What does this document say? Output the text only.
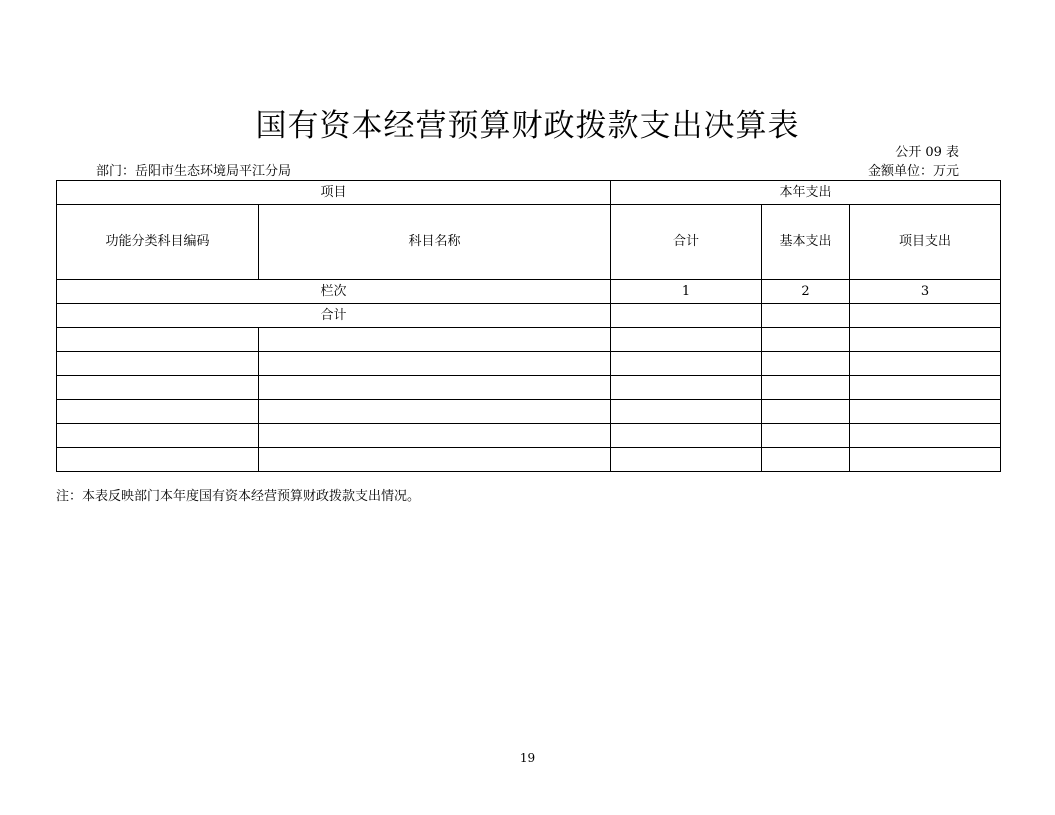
国有资本经营预算财政拨款支出决算表
公开 09 表
部门：岳阳市生态环境局平江分局	金额单位：万元
项目		本年支出		
功能分类科目编码	科目名称	合计	基本支出	项目支出
栏次		1	2	3
合计				

注：本表反映部门本年度国有资本经营预算财政拨款支出情况。
19
